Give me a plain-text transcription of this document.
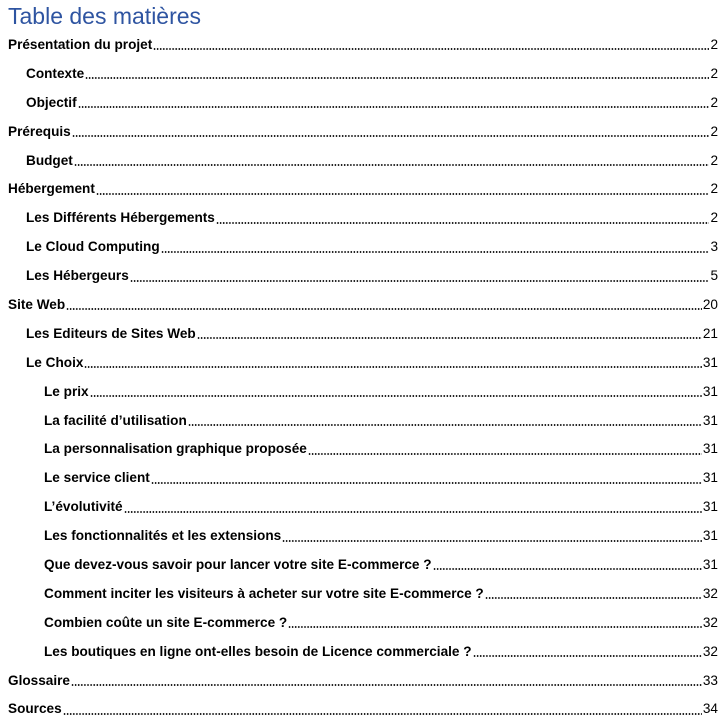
Table des matières
Présentation du projet	2
Contexte	2
Objectif	2
Prérequis	2
Budget	2
Hébergement	2
Les Différents Hébergements	2
Le Cloud Computing	3
Les Hébergeurs	5
Site Web	20
Les Editeurs de Sites Web	21
Le Choix	31
Le prix	31
La facilité d’utilisation	31
La personnalisation graphique proposée	31
Le service client	31
L’évolutivité	31
Les fonctionnalités et les extensions	31
Que devez-vous savoir pour lancer votre site E-commerce ?	31
Comment inciter les visiteurs à acheter sur votre site E-commerce ?	32
Combien coûte un site E-commerce ?	32
Les boutiques en ligne ont-elles besoin de Licence commerciale ?	32
Glossaire	33
Sources	34
